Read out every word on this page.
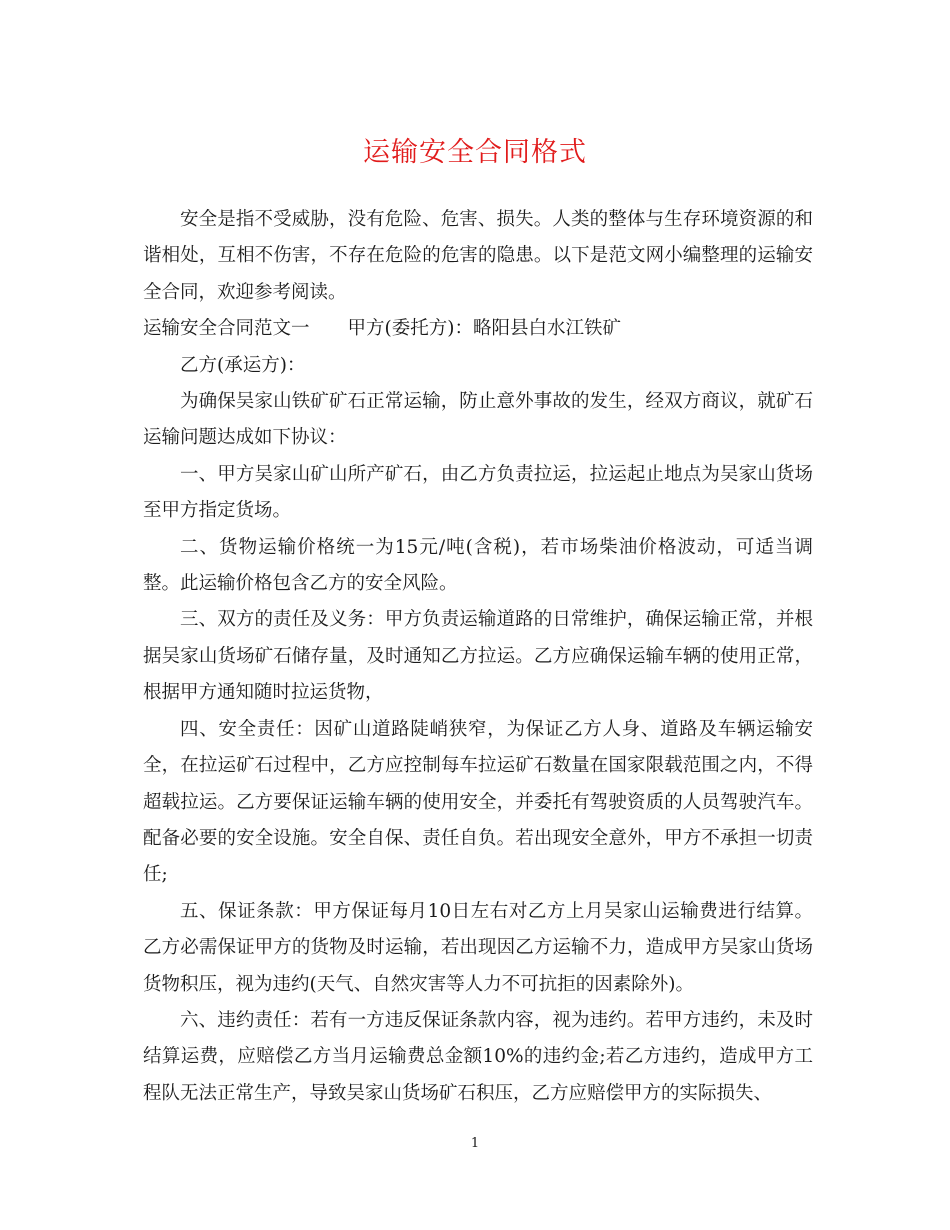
运输安全合同格式

安全是指不受威胁，没有危险、危害、损失。人类的整体与生存环境资源的和谐相处，互相不伤害，不存在危险的危害的隐患。以下是范文网小编整理的运输安全合同，欢迎参考阅读。

运输安全合同范文一 甲方(委托方)：略阳县白水江铁矿

乙方(承运方)：

为确保吴家山铁矿矿石正常运输，防止意外事故的发生，经双方商议，就矿石运输问题达成如下协议：

一、甲方吴家山矿山所产矿石，由乙方负责拉运，拉运起止地点为吴家山货场至甲方指定货场。

二、货物运输价格统一为15元/吨(含税)，若市场柴油价格波动，可适当调整。此运输价格包含乙方的安全风险。

三、双方的责任及义务：甲方负责运输道路的日常维护，确保运输正常，并根据吴家山货场矿石储存量，及时通知乙方拉运。乙方应确保运输车辆的使用正常，根据甲方通知随时拉运货物，

四、安全责任：因矿山道路陡峭狭窄，为保证乙方人身、道路及车辆运输安全，在拉运矿石过程中，乙方应控制每车拉运矿石数量在国家限载范围之内，不得超载拉运。乙方要保证运输车辆的使用安全，并委托有驾驶资质的人员驾驶汽车。配备必要的安全设施。安全自保、责任自负。若出现安全意外，甲方不承担一切责任;

五、保证条款：甲方保证每月10日左右对乙方上月吴家山运输费进行结算。乙方必需保证甲方的货物及时运输，若出现因乙方运输不力，造成甲方吴家山货场货物积压，视为违约(天气、自然灾害等人力不可抗拒的因素除外)。

六、违约责任：若有一方违反保证条款内容，视为违约。若甲方违约，未及时结算运费，应赔偿乙方当月运输费总金额10%的违约金;若乙方违约，造成甲方工程队无法正常生产，导致吴家山货场矿石积压，乙方应赔偿甲方的实际损失、

1
